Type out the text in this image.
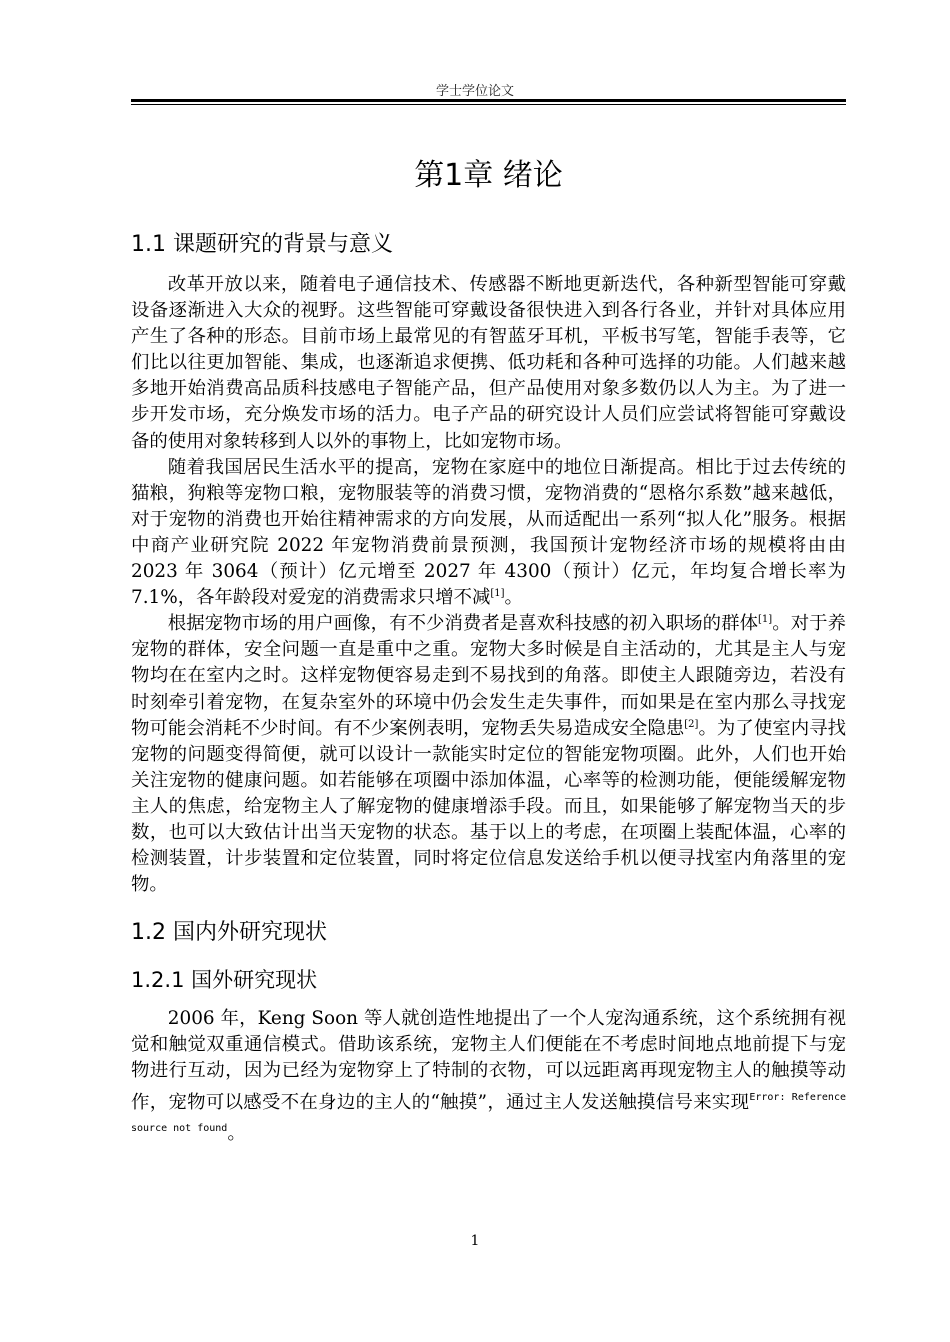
学士学位论文
第1章 绪论
1.1 课题研究的背景与意义

改革开放以来，随着电子通信技术、传感器不断地更新迭代，各种新型智能可穿戴设备逐渐进入大众的视野。这些智能可穿戴设备很快进入到各行各业，并针对具体应用产生了各种的形态。目前市场上最常见的有智蓝牙耳机，平板书写笔，智能手表等，它们比以往更加智能、集成，也逐渐追求便携、低功耗和各种可选择的功能。人们越来越多地开始消费高品质科技感电子智能产品，但产品使用对象多数仍以人为主。为了进一步开发市场，充分焕发市场的活力。电子产品的研究设计人员们应尝试将智能可穿戴设备的使用对象转移到人以外的事物上，比如宠物市场。

随着我国居民生活水平的提高，宠物在家庭中的地位日渐提高。相比于过去传统的猫粮，狗粮等宠物口粮，宠物服装等的消费习惯，宠物消费的“恩格尔系数”越来越低，对于宠物的消费也开始往精神需求的方向发展，从而适配出一系列“拟人化”服务。根据中商产业研究院 2022 年宠物消费前景预测，我国预计宠物经济市场的规模将由由 2023 年 3064（预计）亿元增至 2027 年 4300（预计）亿元，年均复合增长率为 7.1%，各年龄段对爱宠的消费需求只增不减[1]。

根据宠物市场的用户画像，有不少消费者是喜欢科技感的初入职场的群体[1]。对于养宠物的群体，安全问题一直是重中之重。宠物大多时候是自主活动的，尤其是主人与宠物均在在室内之时。这样宠物便容易走到不易找到的角落。即使主人跟随旁边，若没有时刻牵引着宠物，在复杂室外的环境中仍会发生走失事件，而如果是在室内那么寻找宠物可能会消耗不少时间。有不少案例表明，宠物丢失易造成安全隐患[2]。为了使室内寻找宠物的问题变得简便，就可以设计一款能实时定位的智能宠物项圈。此外，人们也开始关注宠物的健康问题。如若能够在项圈中添加体温，心率等的检测功能，便能缓解宠物主人的焦虑，给宠物主人了解宠物的健康增添手段。而且，如果能够了解宠物当天的步数，也可以大致估计出当天宠物的状态。基于以上的考虑，在项圈上装配体温，心率的检测装置，计步装置和定位装置，同时将定位信息发送给手机以便寻找室内角落里的宠物。

1.2 国内外研究现状
1.2.1 国外研究现状

2006 年，Keng Soon 等人就创造性地提出了一个人宠沟通系统，这个系统拥有视觉和触觉双重通信模式。借助该系统，宠物主人们便能在不考虑时间地点地前提下与宠物进行互动，因为已经为宠物穿上了特制的衣物，可以远距离再现宠物主人的触摸等动作，宠物可以感受不在身边的主人的“触摸”，通过主人发送触摸信号来实现$^{Error: Reference source not found}$。

1
